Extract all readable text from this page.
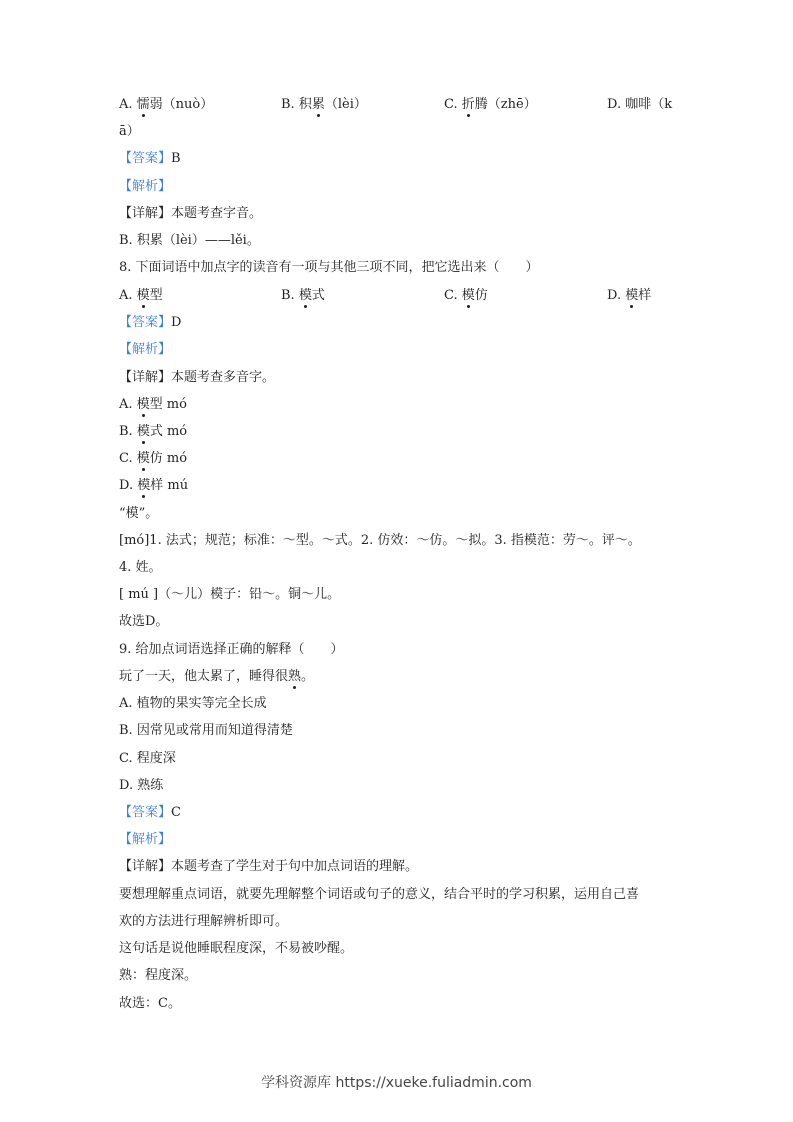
A. 懦弱（nuò）	B. 积累（lèi）	C. 折腾（zhē）	D. 咖啡（k
ā）
【答案】B
【解析】
【详解】本题考查字音。
B. 积累（lèi）——lěi。
8. 下面词语中加点字的读音有一项与其他三项不同，把它选出来（　　）
A. 模型	B. 模式	C. 模仿	D. 模样
【答案】D
【解析】
【详解】本题考查多音字。
A. 模型 mó
B. 模式 mó
C. 模仿 mó
D. 模样 mú
“模”。
[mó]1. 法式；规范；标准：～型。～式。2. 仿效：～仿。～拟。3. 指模范：劳～。评～。
4. 姓。
[ mú ]（～儿）模子：铅～。铜～儿。
故选D。
9. 给加点词语选择正确的解释（　　）
玩了一天，他太累了，睡得很熟。
A. 植物的果实等完全长成
B. 因常见或常用而知道得清楚
C. 程度深
D. 熟练
【答案】C
【解析】
【详解】本题考查了学生对于句中加点词语的理解。
要想理解重点词语，就要先理解整个词语或句子的意义，结合平时的学习积累，运用自己喜
欢的方法进行理解辨析即可。
这句话是说他睡眠程度深，不易被吵醒。
熟：程度深。
故选：C。
学科资源库 https://xueke.fuliadmin.com
